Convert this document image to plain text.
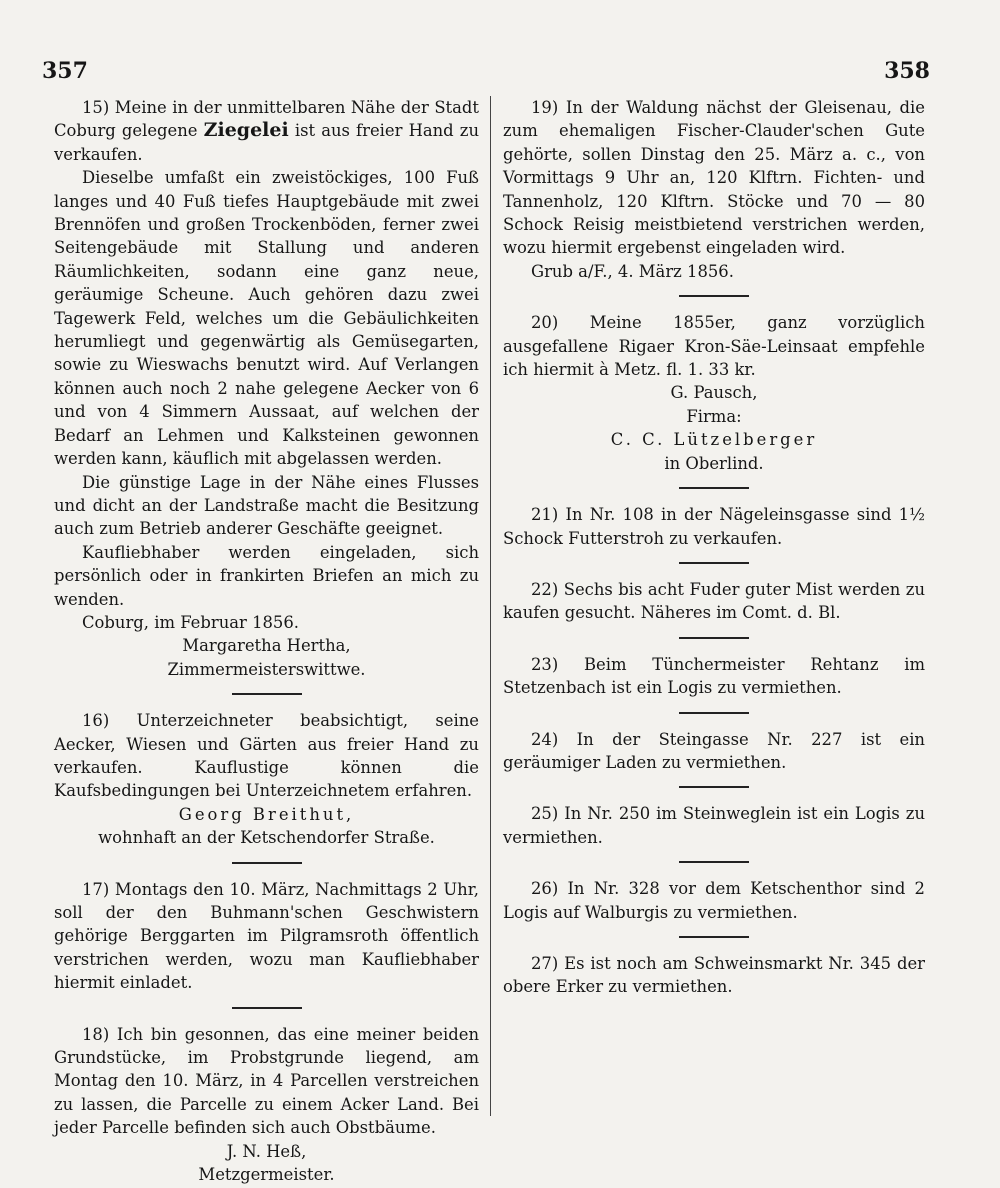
357	358

15) Meine in der unmittelbaren Nähe der Stadt Coburg gelegene Ziegelei ist aus freier Hand zu verkaufen.

Dieselbe umfaßt ein zweistöckiges, 100 Fuß langes und 40 Fuß tiefes Hauptgebäude mit zwei Brennöfen und großen Trockenböden, ferner zwei Seitengebäude mit Stallung und anderen Räumlichkeiten, sodann eine ganz neue, geräumige Scheune. Auch gehören dazu zwei Tagewerk Feld, welches um die Gebäulichkeiten herumliegt und gegenwärtig als Gemüsegarten, sowie zu Wieswachs benutzt wird. Auf Verlangen können auch noch 2 nahe gelegene Aecker von 6 und von 4 Simmern Aussaat, auf welchen der Bedarf an Lehmen und Kalksteinen gewonnen werden kann, käuflich mit abgelassen werden.

Die günstige Lage in der Nähe eines Flusses und dicht an der Landstraße macht die Besitzung auch zum Betrieb anderer Geschäfte geeignet.

Kaufliebhaber werden eingeladen, sich persönlich oder in frankirten Briefen an mich zu wenden.

Coburg, im Februar 1856.

Margaretha Hertha,

Zimmermeisterswittwe.

16) Unterzeichneter beabsichtigt, seine Aecker, Wiesen und Gärten aus freier Hand zu verkaufen. Kauflustige können die Kaufsbedingungen bei Unterzeichnetem erfahren.

Georg Breithut,

wohnhaft an der Ketschendorfer Straße.

17) Montags den 10. März, Nachmittags 2 Uhr, soll der den Buhmann'schen Geschwistern gehörige Berggarten im Pilgramsroth öffentlich verstrichen werden, wozu man Kaufliebhaber hiermit einladet.

18) Ich bin gesonnen, das eine meiner beiden Grundstücke, im Probstgrunde liegend, am Montag den 10. März, in 4 Parcellen verstreichen zu lassen, die Parcelle zu einem Acker Land. Bei jeder Parcelle befinden sich auch Obstbäume.

J. N. Heß,

Metzgermeister.

19) In der Waldung nächst der Gleisenau, die zum ehemaligen Fischer-Clauder'schen Gute gehörte, sollen Dinstag den 25. März a. c., von Vormittags 9 Uhr an, 120 Klftrn. Fichten- und Tannenholz, 120 Klftrn. Stöcke und 70 — 80 Schock Reisig meistbietend verstrichen werden, wozu hiermit ergebenst eingeladen wird.

Grub a/F., 4. März 1856.

20) Meine 1855er, ganz vorzüglich ausgefallene Rigaer Kron-Säe-Leinsaat empfehle ich hiermit à Metz. fl. 1. 33 kr.

G. Pausch,

Firma:

C. C. Lützelberger

in Oberlind.

21) In Nr. 108 in der Nägeleinsgasse sind 1½ Schock Futterstroh zu verkaufen.

22) Sechs bis acht Fuder guter Mist werden zu kaufen gesucht. Näheres im Comt. d. Bl.

23) Beim Tünchermeister Rehtanz im Stetzenbach ist ein Logis zu vermiethen.

24) In der Steingasse Nr. 227 ist ein geräumiger Laden zu vermiethen.

25) In Nr. 250 im Steinweglein ist ein Logis zu vermiethen.

26) In Nr. 328 vor dem Ketschenthor sind 2 Logis auf Walburgis zu vermiethen.

27) Es ist noch am Schweinsmarkt Nr. 345 der obere Erker zu vermiethen.
